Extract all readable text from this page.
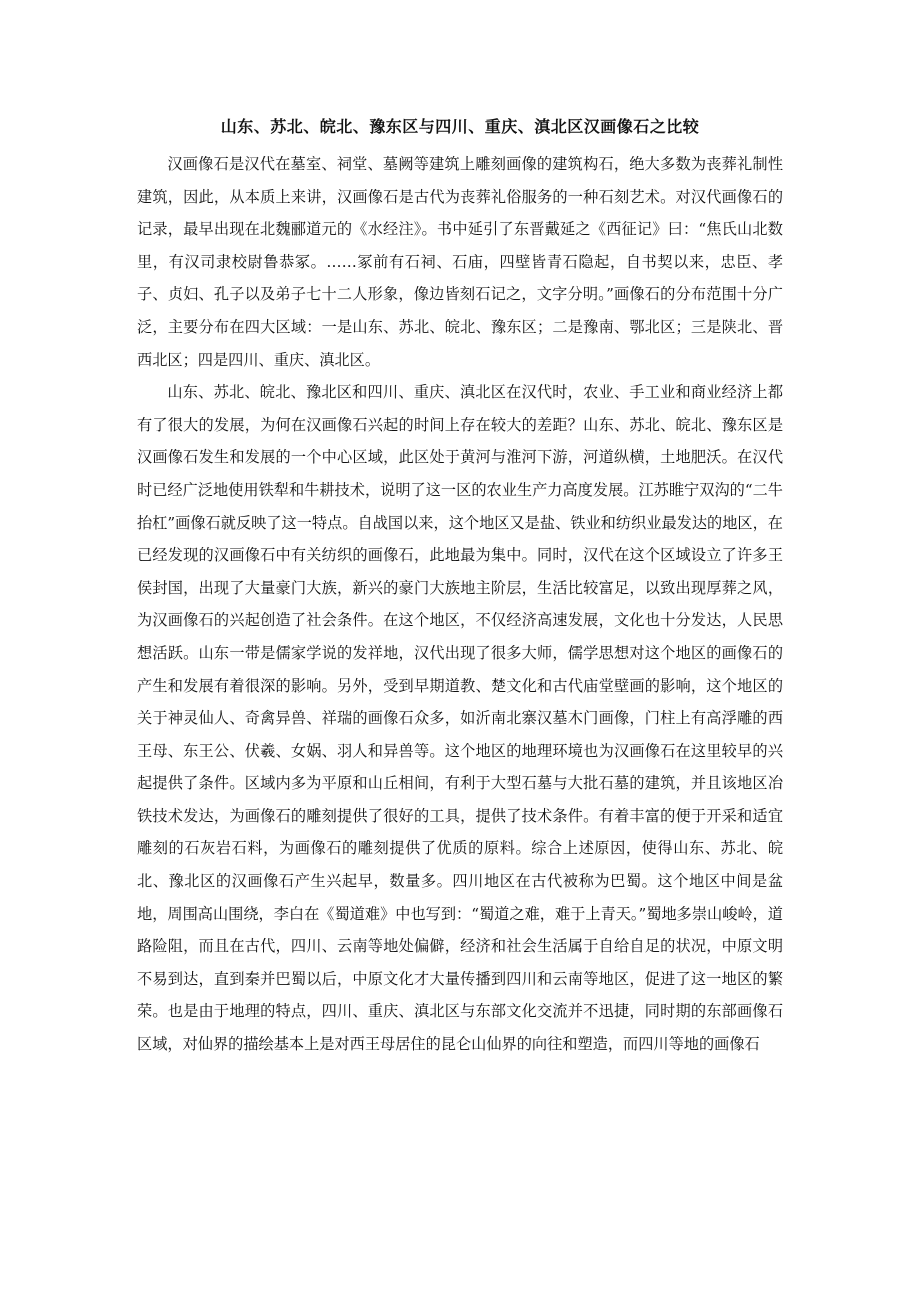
山东、苏北、皖北、豫东区与四川、重庆、滇北区汉画像石之比较

汉画像石是汉代在墓室、祠堂、墓阙等建筑上雕刻画像的建筑构石，绝大多数为丧葬礼制性建筑，因此，从本质上来讲，汉画像石是古代为丧葬礼俗服务的一种石刻艺术。对汉代画像石的记录，最早出现在北魏郦道元的《水经注》。书中延引了东晋戴延之《西征记》曰：“焦氏山北数里，有汉司隶校尉鲁恭冢。……冢前有石祠、石庙，四壁皆青石隐起，自书契以来，忠臣、孝子、贞妇、孔子以及弟子七十二人形象，像边皆刻石记之，文字分明。”画像石的分布范围十分广泛，主要分布在四大区域：一是山东、苏北、皖北、豫东区；二是豫南、鄂北区；三是陕北、晋西北区；四是四川、重庆、滇北区。

山东、苏北、皖北、豫北区和四川、重庆、滇北区在汉代时，农业、手工业和商业经济上都有了很大的发展，为何在汉画像石兴起的时间上存在较大的差距？山东、苏北、皖北、豫东区是汉画像石发生和发展的一个中心区域，此区处于黄河与淮河下游，河道纵横，土地肥沃。在汉代时已经广泛地使用铁犁和牛耕技术，说明了这一区的农业生产力高度发展。江苏睢宁双沟的“二牛抬杠”画像石就反映了这一特点。自战国以来，这个地区又是盐、铁业和纺织业最发达的地区，在已经发现的汉画像石中有关纺织的画像石，此地最为集中。同时，汉代在这个区域设立了许多王侯封国，出现了大量豪门大族，新兴的豪门大族地主阶层，生活比较富足，以致出现厚葬之风，为汉画像石的兴起创造了社会条件。在这个地区，不仅经济高速发展，文化也十分发达，人民思想活跃。山东一带是儒家学说的发祥地，汉代出现了很多大师，儒学思想对这个地区的画像石的产生和发展有着很深的影响。另外，受到早期道教、楚文化和古代庙堂壁画的影响，这个地区的关于神灵仙人、奇禽异兽、祥瑞的画像石众多，如沂南北寨汉墓木门画像，门柱上有高浮雕的西王母、东王公、伏羲、女娲、羽人和异兽等。这个地区的地理环境也为汉画像石在这里较早的兴起提供了条件。区域内多为平原和山丘相间，有利于大型石墓与大批石墓的建筑，并且该地区冶铁技术发达，为画像石的雕刻提供了很好的工具，提供了技术条件。有着丰富的便于开采和适宜雕刻的石灰岩石料，为画像石的雕刻提供了优质的原料。综合上述原因，使得山东、苏北、皖北、豫北区的汉画像石产生兴起早，数量多。四川地区在古代被称为巴蜀。这个地区中间是盆地，周围高山围绕，李白在《蜀道难》中也写到：“蜀道之难，难于上青天。”蜀地多崇山峻岭，道路险阻，而且在古代，四川、云南等地处偏僻，经济和社会生活属于自给自足的状况，中原文明不易到达，直到秦并巴蜀以后，中原文化才大量传播到四川和云南等地区，促进了这一地区的繁荣。也是由于地理的特点，四川、重庆、滇北区与东部文化交流并不迅捷，同时期的东部画像石区域，对仙界的描绘基本上是对西王母居住的昆仑山仙界的向往和塑造，而四川等地的画像石
